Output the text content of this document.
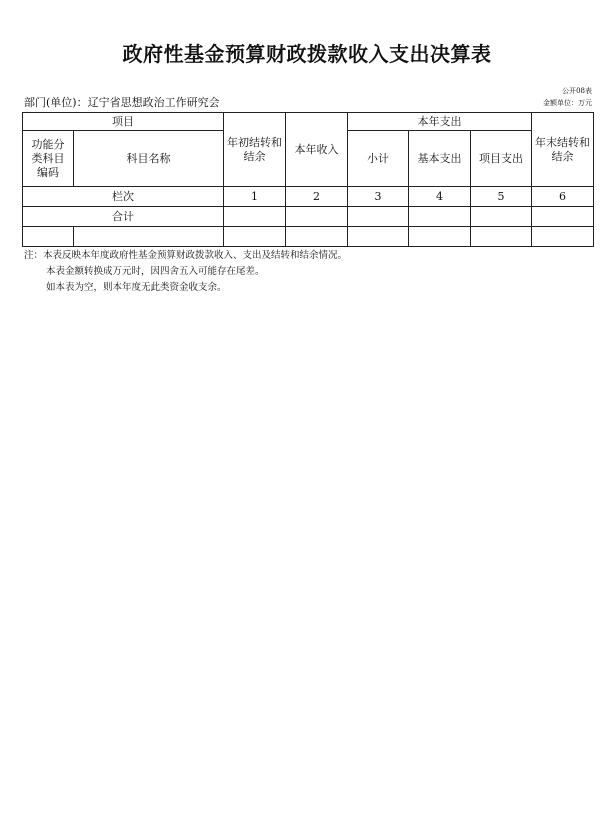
政府性基金预算财政拨款收入支出决算表
公开08表
部门(单位)：辽宁省思想政治工作研究会	金额单位：万元
项目		年初结转和结余	本年收入	本年支出			年末结转和结余
功能分类科目编码	科目名称			小计	基本支出	项目支出	
栏次		1	2	3	4	5	6
合计							

注：本表反映本年度政府性基金预算财政拨款收入、支出及结转和结余情况。
本表金额转换成万元时，因四舍五入可能存在尾差。
如本表为空，则本年度无此类资金收支余。
